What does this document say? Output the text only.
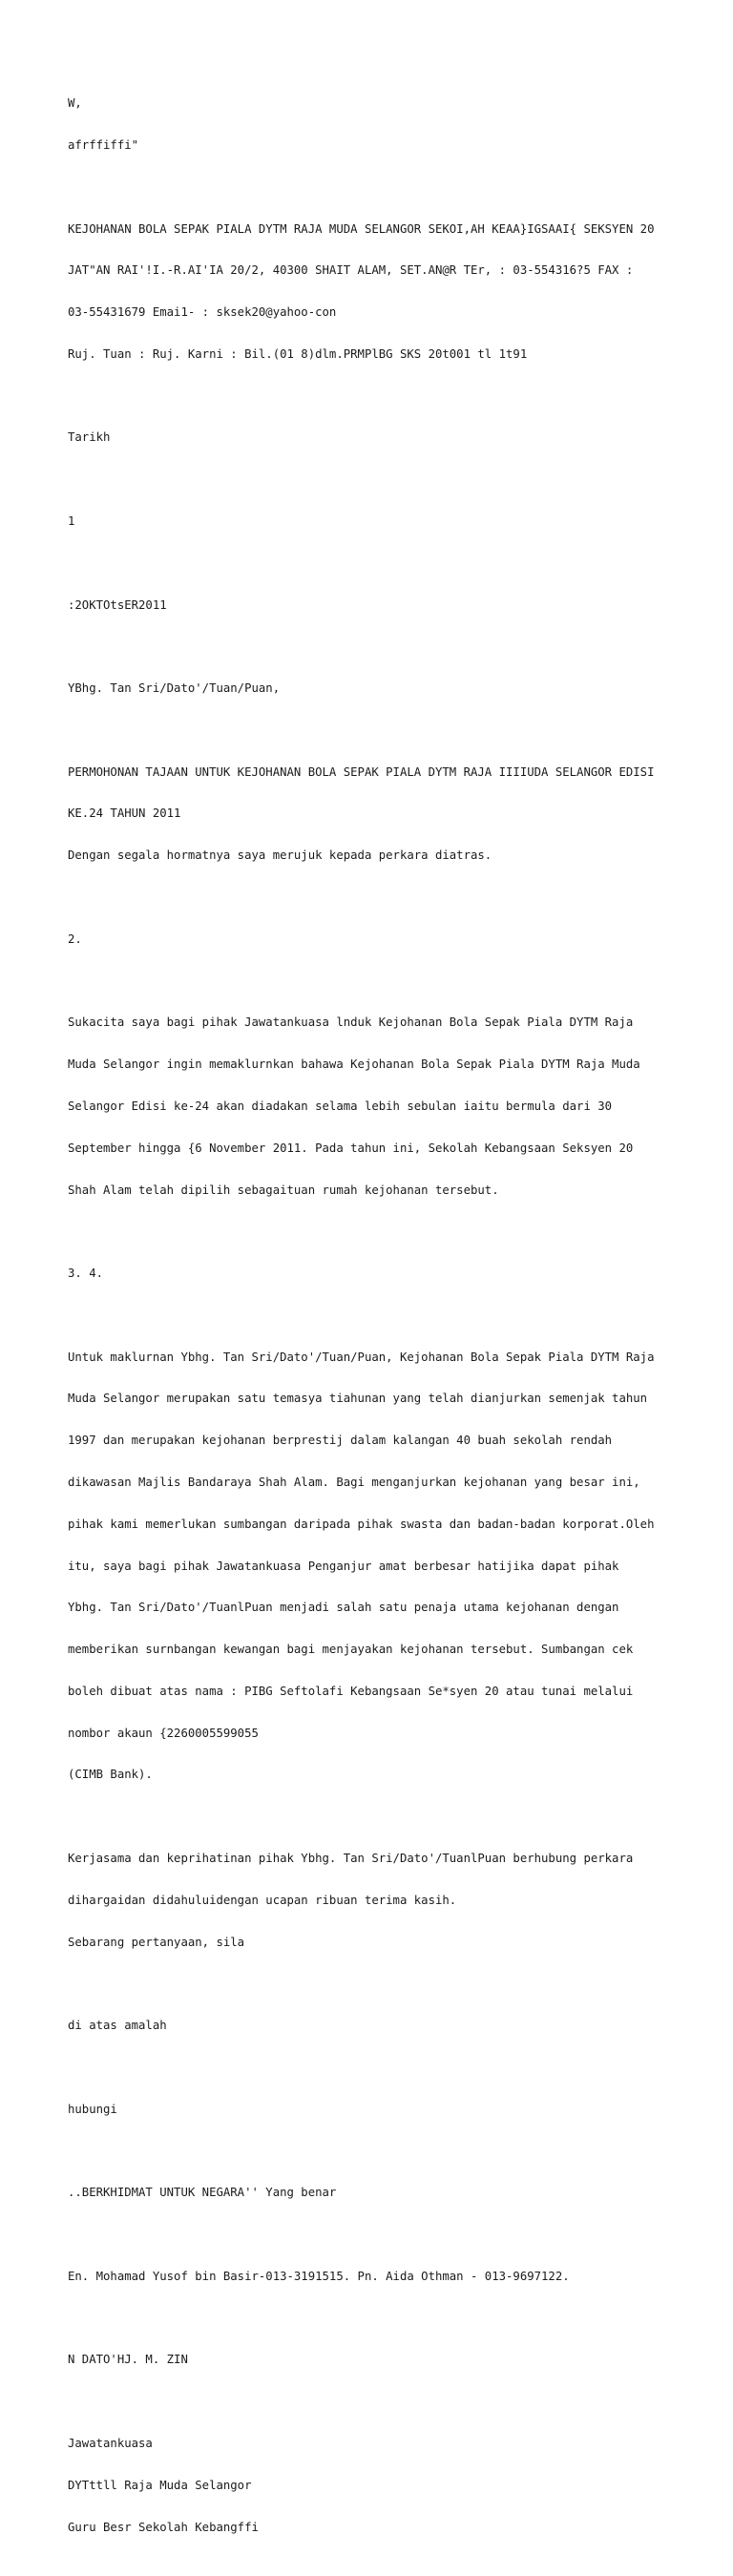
W,

afrffiffi"

KEJOHANAN BOLA SEPAK PIALA DYTM RAJA MUDA SELANGOR SEKOI,AH KEAA}IGSAAI{ SEKSYEN 20

JAT"AN RAI'!I.-R.AI'IA 20/2, 40300 SHAIT ALAM, SET.AN@R TEr, : 03-554316?5 FAX :

03-55431679 Emai1- : sksek20@yahoo-con

Ruj. Tuan : Ruj. Karni : Bil.(01 8)dlm.PRMPlBG SKS 20t001 tl 1t91

Tarikh

1

:2OKTOtsER2011

YBhg. Tan Sri/Dato'/Tuan/Puan,

PERMOHONAN TAJAAN UNTUK KEJOHANAN BOLA SEPAK PIALA DYTM RAJA IIIIUDA SELANGOR EDISI

KE.24 TAHUN 2011

Dengan segala hormatnya saya merujuk kepada perkara diatras.

2.

Sukacita saya bagi pihak Jawatankuasa lnduk Kejohanan Bola Sepak Piala DYTM Raja

Muda Selangor ingin memaklurnkan bahawa Kejohanan Bola Sepak Piala DYTM Raja Muda

Selangor Edisi ke-24 akan diadakan selama lebih sebulan iaitu bermula dari 30

September hingga {6 November 2011. Pada tahun ini, Sekolah Kebangsaan Seksyen 20

Shah Alam telah dipilih sebagaituan rumah kejohanan tersebut.

3. 4.

Untuk maklurnan Ybhg. Tan Sri/Dato'/Tuan/Puan, Kejohanan Bola Sepak Piala DYTM Raja

Muda Selangor merupakan satu temasya tiahunan yang telah dianjurkan semenjak tahun

1997 dan merupakan kejohanan berprestij dalam kalangan 40 buah sekolah rendah

dikawasan Majlis Bandaraya Shah Alam. Bagi menganjurkan kejohanan yang besar ini,

pihak kami memerlukan sumbangan daripada pihak swasta dan badan-badan korporat.Oleh

itu, saya bagi pihak Jawatankuasa Penganjur amat berbesar hatijika dapat pihak

Ybhg. Tan Sri/Dato'/TuanlPuan menjadi salah satu penaja utama kejohanan dengan

memberikan surnbangan kewangan bagi menjayakan kejohanan tersebut. Sumbangan cek

boleh dibuat atas nama : PIBG Seftolafi Kebangsaan Se*syen 20 atau tunai melalui

nombor akaun {2260005599055

(CIMB Bank).

Kerjasama dan keprihatinan pihak Ybhg. Tan Sri/Dato'/TuanlPuan berhubung perkara

dihargaidan didahuluidengan ucapan ribuan terima kasih.

Sebarang pertanyaan, sila

di atas amalah

hubungi

..BERKHIDMAT UNTUK NEGARA'' Yang benar

En. Mohamad Yusof bin Basir-013-3191515. Pn. Aida Othman - 013-9697122.

N DATO'HJ. M. ZIN

Jawatankuasa

DYTttll Raja Muda Selangor

Guru Besr Sekolah Kebangffi
